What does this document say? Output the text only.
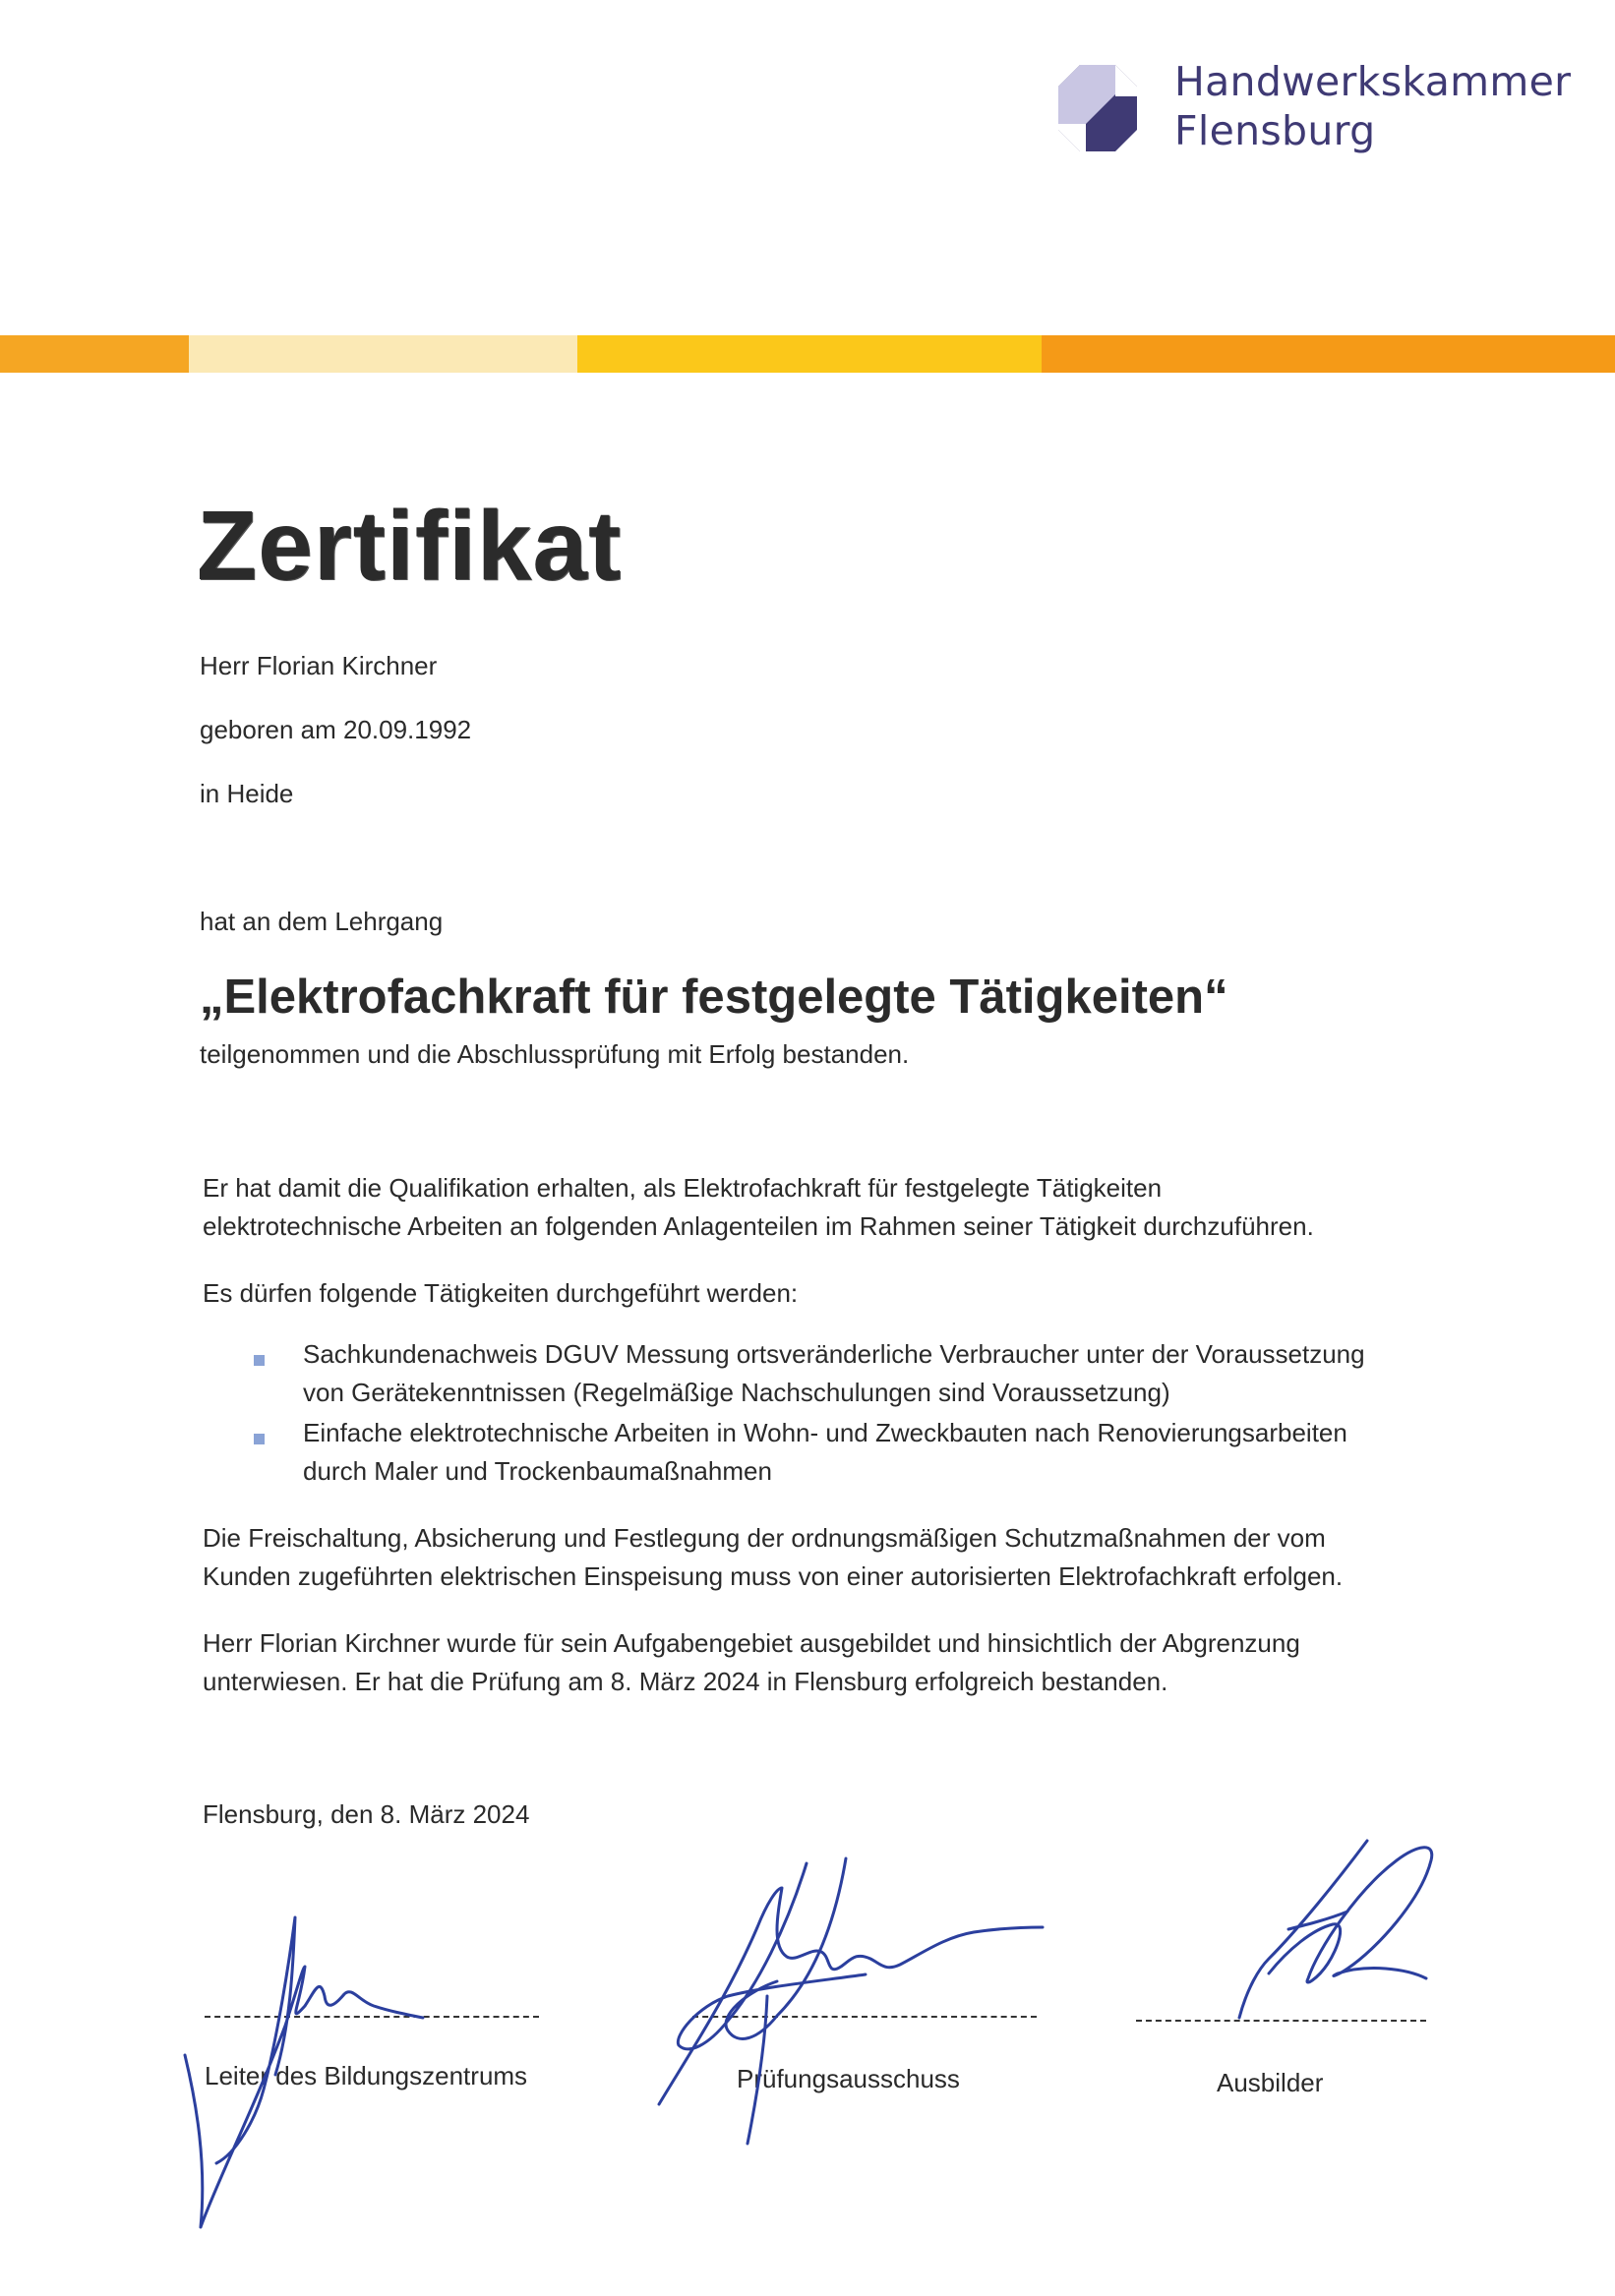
Handwerkskammer
Flensburg
Zertifikat
Herr Florian Kirchner
geboren am 20.09.1992
in Heide
hat an dem Lehrgang
„Elektrofachkraft für festgelegte Tätigkeiten“
teilgenommen und die Abschlussprüfung mit Erfolg bestanden.
Er hat damit die Qualifikation erhalten, als Elektrofachkraft für festgelegte Tätigkeiten
elektrotechnische Arbeiten an folgenden Anlagenteilen im Rahmen seiner Tätigkeit durchzuführen.
Es dürfen folgende Tätigkeiten durchgeführt werden:
Sachkundenachweis DGUV Messung ortsveränderliche Verbraucher unter der Voraussetzung
von Gerätekenntnissen (Regelmäßige Nachschulungen sind Voraussetzung)
Einfache elektrotechnische Arbeiten in Wohn- und Zweckbauten nach Renovierungsarbeiten
durch Maler und Trockenbaumaßnahmen
Die Freischaltung, Absicherung und Festlegung der ordnungsmäßigen Schutzmaßnahmen der vom
Kunden zugeführten elektrischen Einspeisung muss von einer autorisierten Elektrofachkraft erfolgen.
Herr Florian Kirchner wurde für sein Aufgabengebiet ausgebildet und hinsichtlich der Abgrenzung
unterwiesen. Er hat die Prüfung am 8. März 2024 in Flensburg erfolgreich bestanden.
Flensburg, den 8. März 2024
Leiter des Bildungszentrums	Prüfungsausschuss	Ausbilder
